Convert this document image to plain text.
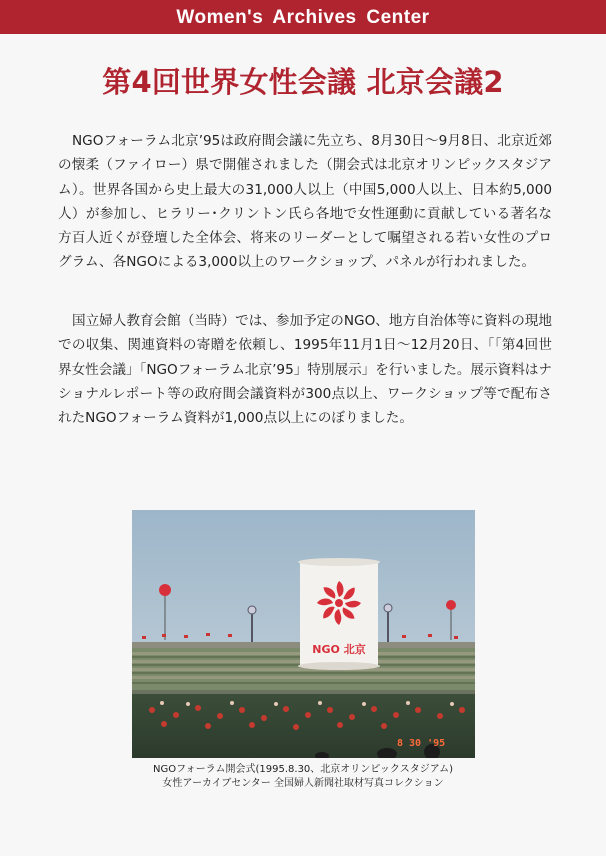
Women's Archives Center
第4回世界女性会議 北京会議2
NGOフォーラム北京’95は政府間会議に先立ち、8月30日～9月8日、北京近郊の懐柔（ファイロー）県で開催されました（開会式は北京オリンピックスタジアム）。世界各国から史上最大の31,000人以上（中国5,000人以上、日本約5,000人）が参加し、ヒラリー･クリントン氏ら各地で女性運動に貢献している著名な方百人近くが登壇した全体会、将来のリーダーとして嘱望される若い女性のプログラム、各NGOによる3,000以上のワークショップ、パネルが行われました。
国立婦人教育会館（当時）では、参加予定のNGO、地方自治体等に資料の現地での収集、関連資料の寄贈を依頼し、1995年11月1日～12月20日、「「第4回世界女性会議」「NGOフォーラム北京’95」特別展示」を行いました。展示資料はナショナルレポート等の政府間会議資料が300点以上、ワークショップ等で配布されたNGOフォーラム資料が1,000点以上にのぼりました。
NGO 北京
8 30 '95
NGOフォーラム開会式(1995.8.30、北京オリンピックスタジアム)
女性アーカイブセンター 全国婦人新聞社取材写真コレクション
